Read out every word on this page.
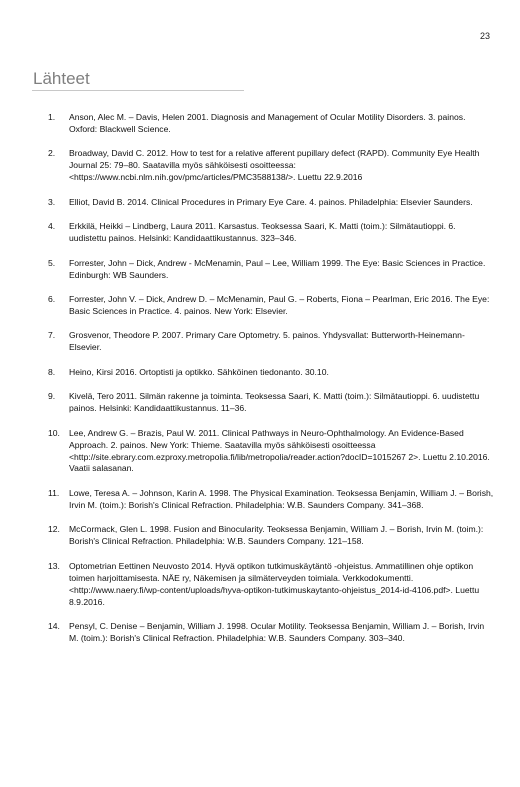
23
Lähteet
1.	Anson, Alec M. – Davis, Helen 2001. Diagnosis and Management of Ocular Motility Disorders. 3. painos. Oxford: Blackwell Science.
2.	Broadway, David C. 2012. How to test for a relative afferent pupillary defect (RAPD). Community Eye Health Journal 25: 79–80. Saatavilla myös sähköisesti osoitteessa: <https://www.ncbi.nlm.nih.gov/pmc/articles/PMC3588138/>. Luettu 22.9.2016
3.	Elliot, David B. 2014. Clinical Procedures in Primary Eye Care. 4. painos. Philadelphia: Elsevier Saunders.
4.	Erkkilä, Heikki – Lindberg, Laura 2011. Karsastus. Teoksessa Saari, K. Matti (toim.): Silmätautioppi. 6. uudistettu painos. Helsinki: Kandidaattikustannus. 323–346.
5.	Forrester, John – Dick, Andrew - McMenamin, Paul – Lee, William 1999. The Eye: Basic Sciences in Practice. Edinburgh: WB Saunders.
6.	Forrester, John V. – Dick, Andrew D. – McMenamin, Paul G. – Roberts, Fiona – Pearlman, Eric 2016. The Eye: Basic Sciences in Practice. 4. painos. New York: Elsevier.
7.	Grosvenor, Theodore P. 2007. Primary Care Optometry. 5. painos. Yhdysvallat: Butterworth-Heinemann-Elsevier.
8.	Heino, Kirsi 2016. Ortoptisti ja optikko. Sähköinen tiedonanto. 30.10.
9.	Kivelä, Tero 2011. Silmän rakenne ja toiminta. Teoksessa Saari, K. Matti (toim.): Silmätautioppi. 6. uudistettu painos. Helsinki: Kandidaattikustannus. 11–36.
10.	Lee, Andrew G. – Brazis, Paul W. 2011. Clinical Pathways in Neuro-Ophthalmology. An Evidence-Based Approach. 2. painos. New York: Thieme. Saatavilla myös sähköisesti osoitteessa <http://site.ebrary.com.ezproxy.metropolia.fi/lib/metropolia/reader.action?docID=1015267 2>. Luettu 2.10.2016. Vaatii salasanan.
11.	Lowe, Teresa A. – Johnson, Karin A. 1998. The Physical Examination. Teoksessa Benjamin, William J. – Borish, Irvin M. (toim.): Borish's Clinical Refraction. Philadelphia: W.B. Saunders Company. 341–368.
12.	McCormack, Glen L. 1998. Fusion and Binocularity. Teoksessa Benjamin, William J. – Borish, Irvin M. (toim.): Borish's Clinical Refraction. Philadelphia: W.B. Saunders Company. 121–158.
13.	Optometrian Eettinen Neuvosto 2014. Hyvä optikon tutkimuskäytäntö -ohjeistus. Ammatillinen ohje optikon toimen harjoittamisesta. NÄE ry, Näkemisen ja silmäterveyden toimiala. Verkkodokumentti. <http://www.naery.fi/wp-content/uploads/hyva-optikon-tutkimuskaytanto-ohjeistus_2014-id-4106.pdf>. Luettu 8.9.2016.
14.	Pensyl, C. Denise – Benjamin, William J. 1998. Ocular Motility. Teoksessa Benjamin, William J. – Borish, Irvin M. (toim.): Borish's Clinical Refraction. Philadelphia: W.B. Saunders Company. 303–340.
